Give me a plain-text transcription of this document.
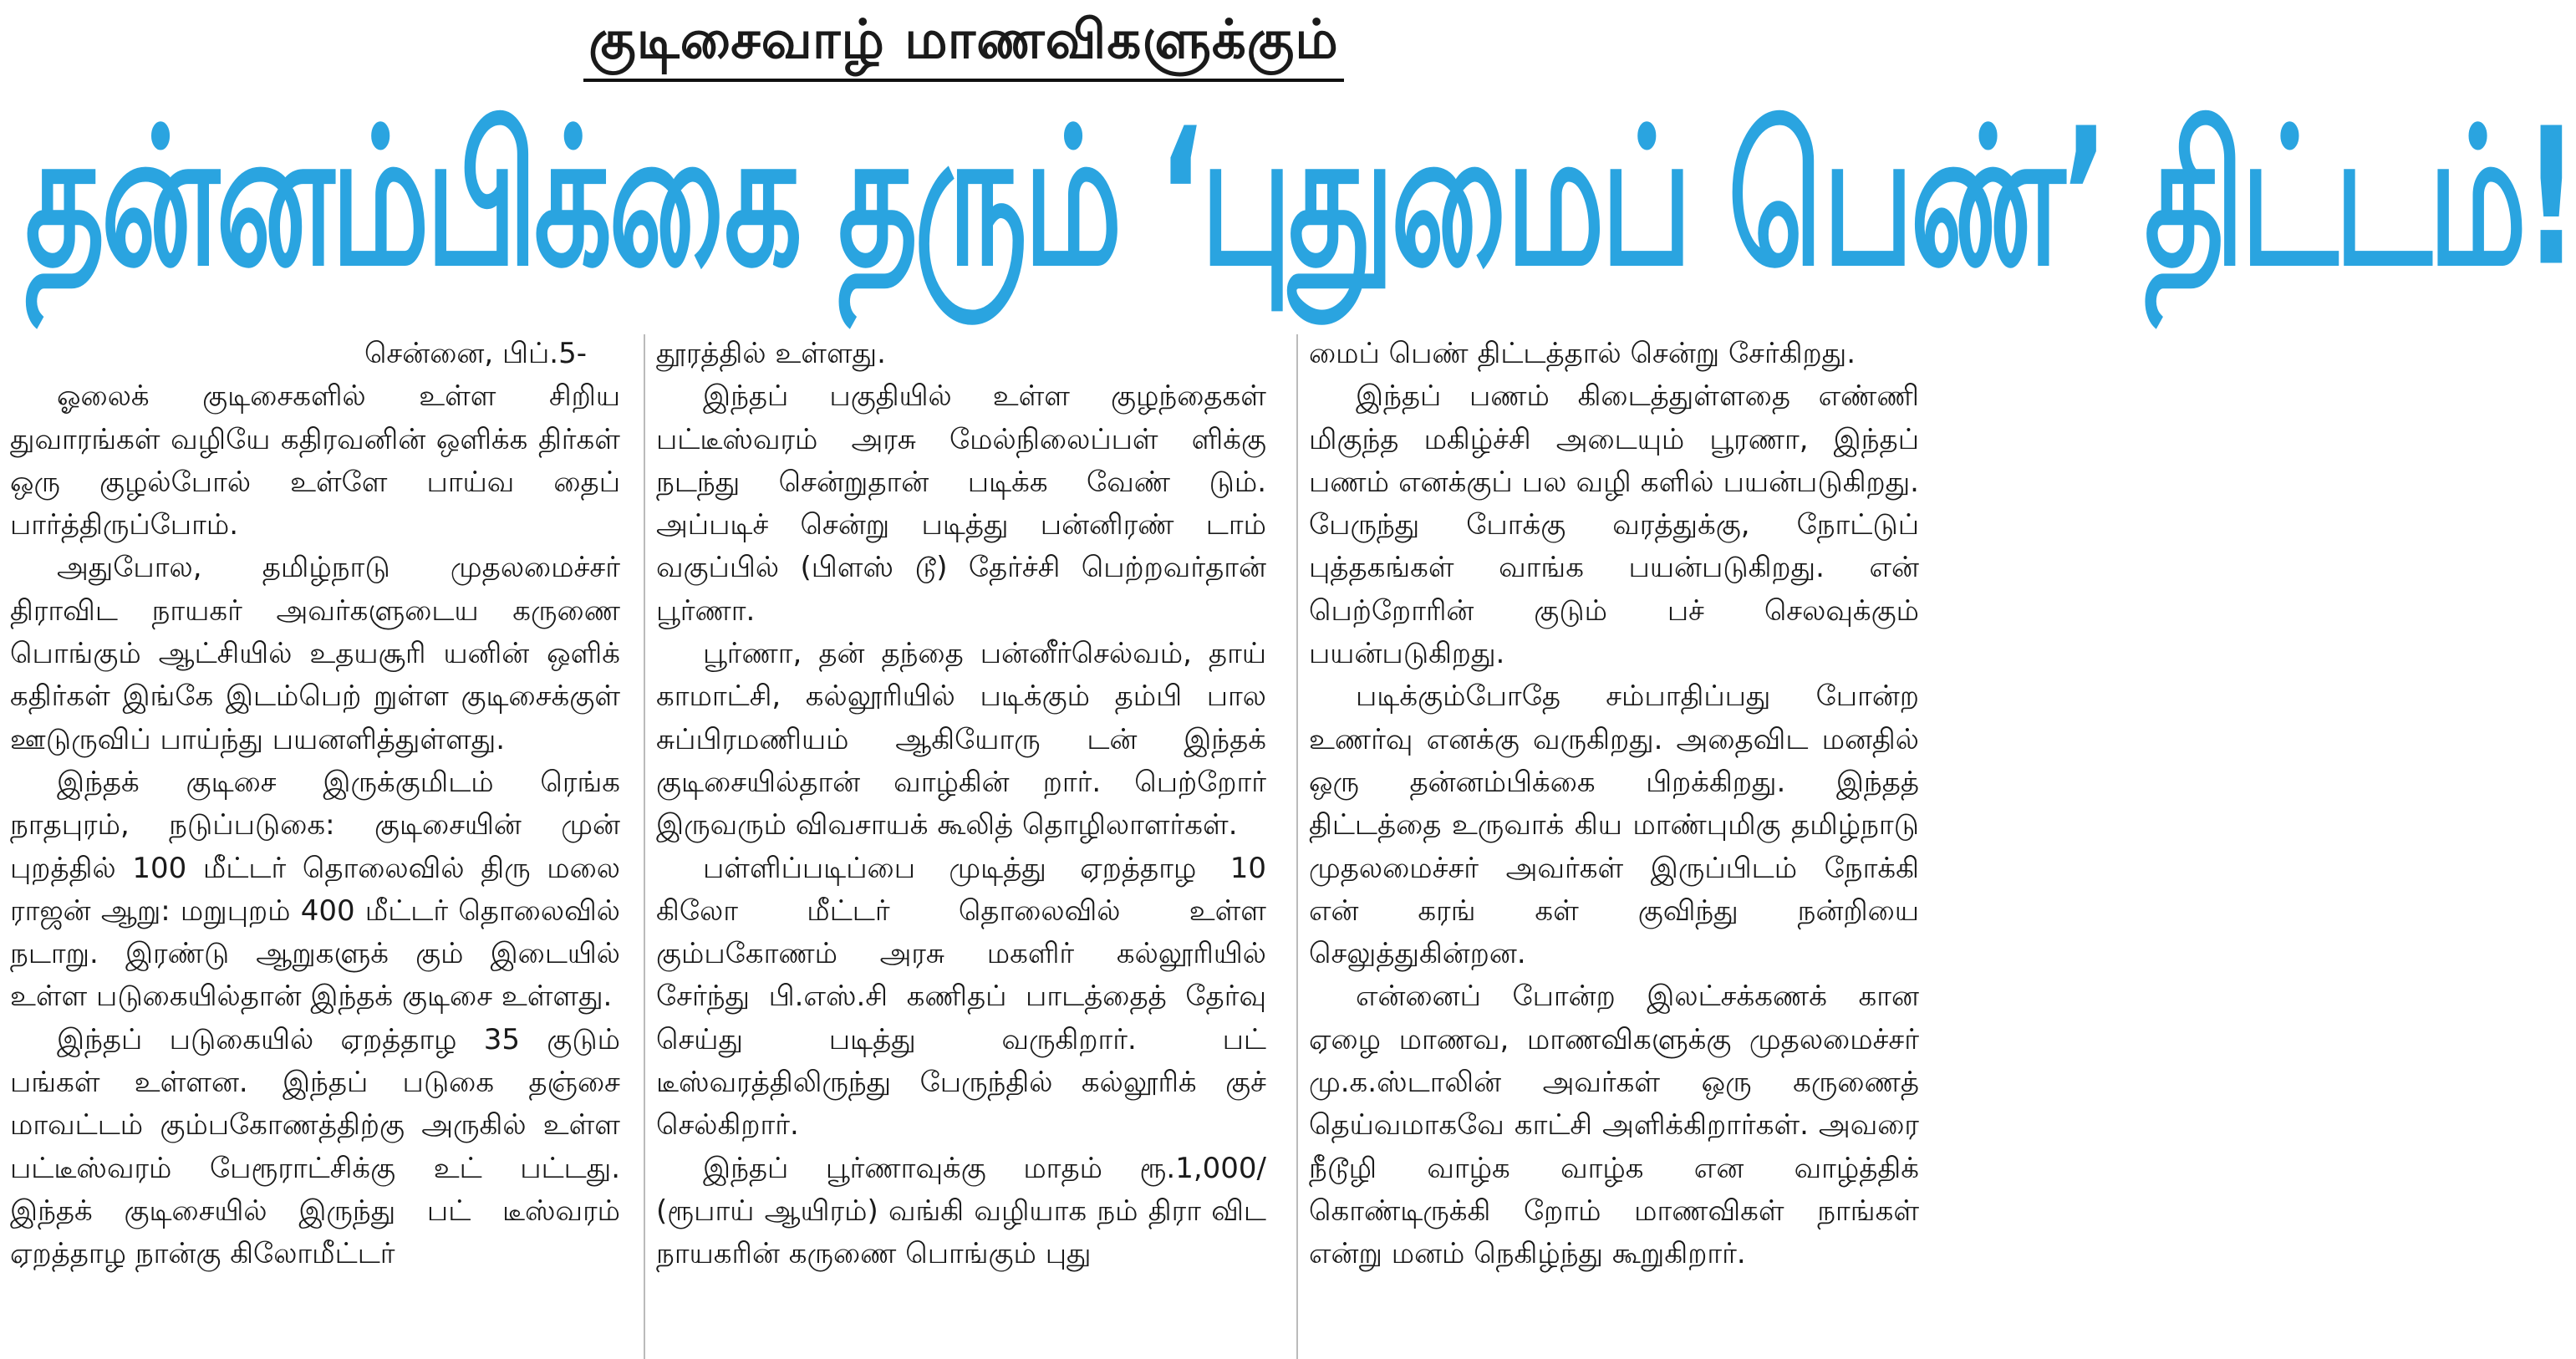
குடிசைவாழ் மாணவிகளுக்கும்
தன்னம்பிக்கை தரும் ‘புதுமைப் பெண்’ திட்டம்!

சென்னை, பிப்.5-

ஓலைக் குடிசைகளில் உள்ள சிறிய துவாரங்கள் வழியே கதிரவனின் ஒளிக்க திர்கள் ஒரு குழல்போல் உள்ளே பாய்வ தைப் பார்த்திருப்போம்.

அதுபோல, தமிழ்நாடு முதலமைச்சர் திராவிட நாயகர் அவர்களுடைய கருணை பொங்கும் ஆட்சியில் உதயசூரி யனின் ஒளிக் கதிர்கள் இங்கே இடம்பெற் றுள்ள குடிசைக்குள் ஊடுருவிப் பாய்ந்து பயனளித்துள்ளது.

இந்தக் குடிசை இருக்குமிடம் ரெங்க நாதபுரம், நடுப்படுகை: குடிசையின் முன் புறத்தில் 100 மீட்டர் தொலைவில் திரு மலை ராஜன் ஆறு: மறுபுறம் 400 மீட்டர் தொலைவில் நடாறு. இரண்டு ஆறுகளுக் கும் இடையில் உள்ள படுகையில்தான் இந்தக் குடிசை உள்ளது.

இந்தப் படுகையில் ஏறத்தாழ 35 குடும் பங்கள் உள்ளன. இந்தப் படுகை தஞ்சை மாவட்டம் கும்பகோணத்திற்கு அருகில் உள்ள பட்டீஸ்வரம் பேரூராட்சிக்கு உட் பட்டது. இந்தக் குடிசையில் இருந்து பட் டீஸ்வரம் ஏறத்தாழ நான்கு கிலோமீட்டர்

தூரத்தில் உள்ளது.

இந்தப் பகுதியில் உள்ள குழந்தைகள் பட்டீஸ்வரம் அரசு மேல்நிலைப்பள் ளிக்கு நடந்து சென்றுதான் படிக்க வேண் டும். அப்படிச் சென்று படித்து பன்னிரண் டாம் வகுப்பில் (பிளஸ் டூ) தேர்ச்சி பெற்றவர்தான் பூர்ணா.

பூர்ணா, தன் தந்தை பன்னீர்செல்வம், தாய் காமாட்சி, கல்லூரியில் படிக்கும் தம்பி பால சுப்பிரமணியம் ஆகியோரு டன் இந்தக் குடிசையில்தான் வாழ்கின் றார். பெற்றோர் இருவரும் விவசாயக் கூலித் தொழிலாளர்கள்.

பள்ளிப்படிப்பை முடித்து ஏறத்தாழ 10 கிலோ மீட்டர் தொலைவில் உள்ள கும்பகோணம் அரசு மகளிர் கல்லூரியில் சேர்ந்து பி.எஸ்.சி கணிதப் பாடத்தைத் தேர்வு செய்து படித்து வருகிறார். பட் டீஸ்வரத்திலிருந்து பேருந்தில் கல்லூரிக் குச் செல்கிறார்.

இந்தப் பூர்ணாவுக்கு மாதம் ரூ.1,000/ (ரூபாய் ஆயிரம்) வங்கி வழியாக நம் திரா விட நாயகரின் கருணை பொங்கும் புது

மைப் பெண் திட்டத்தால் சென்று சேர்கிறது.

இந்தப் பணம் கிடைத்துள்ளதை எண்ணி மிகுந்த மகிழ்ச்சி அடையும் பூரணா, இந்தப் பணம் எனக்குப் பல வழி களில் பயன்படுகிறது. பேருந்து போக்கு வரத்துக்கு, நோட்டுப் புத்தகங்கள் வாங்க பயன்படுகிறது. என் பெற்றோரின் குடும் பச் செலவுக்கும் பயன்படுகிறது.

படிக்கும்போதே சம்பாதிப்பது போன்ற உணர்வு எனக்கு வருகிறது. அதைவிட மனதில் ஒரு தன்னம்பிக்கை பிறக்கிறது. இந்தத் திட்டத்தை உருவாக் கிய மாண்புமிகு தமிழ்நாடு முதலமைச்சர் அவர்கள் இருப்பிடம் நோக்கி என் கரங் கள் குவிந்து நன்றியை செலுத்துகின்றன.

என்னைப் போன்ற இலட்சக்கணக் கான ஏழை மாணவ, மாணவிகளுக்கு முதலமைச்சர் மு.க.ஸ்டாலின் அவர்கள் ஒரு கருணைத் தெய்வமாகவே காட்சி அளிக்கிறார்கள். அவரை நீடூழி வாழ்க வாழ்க என வாழ்த்திக் கொண்டிருக்கி றோம் மாணவிகள் நாங்கள் என்று மனம் நெகிழ்ந்து கூறுகிறார்.
